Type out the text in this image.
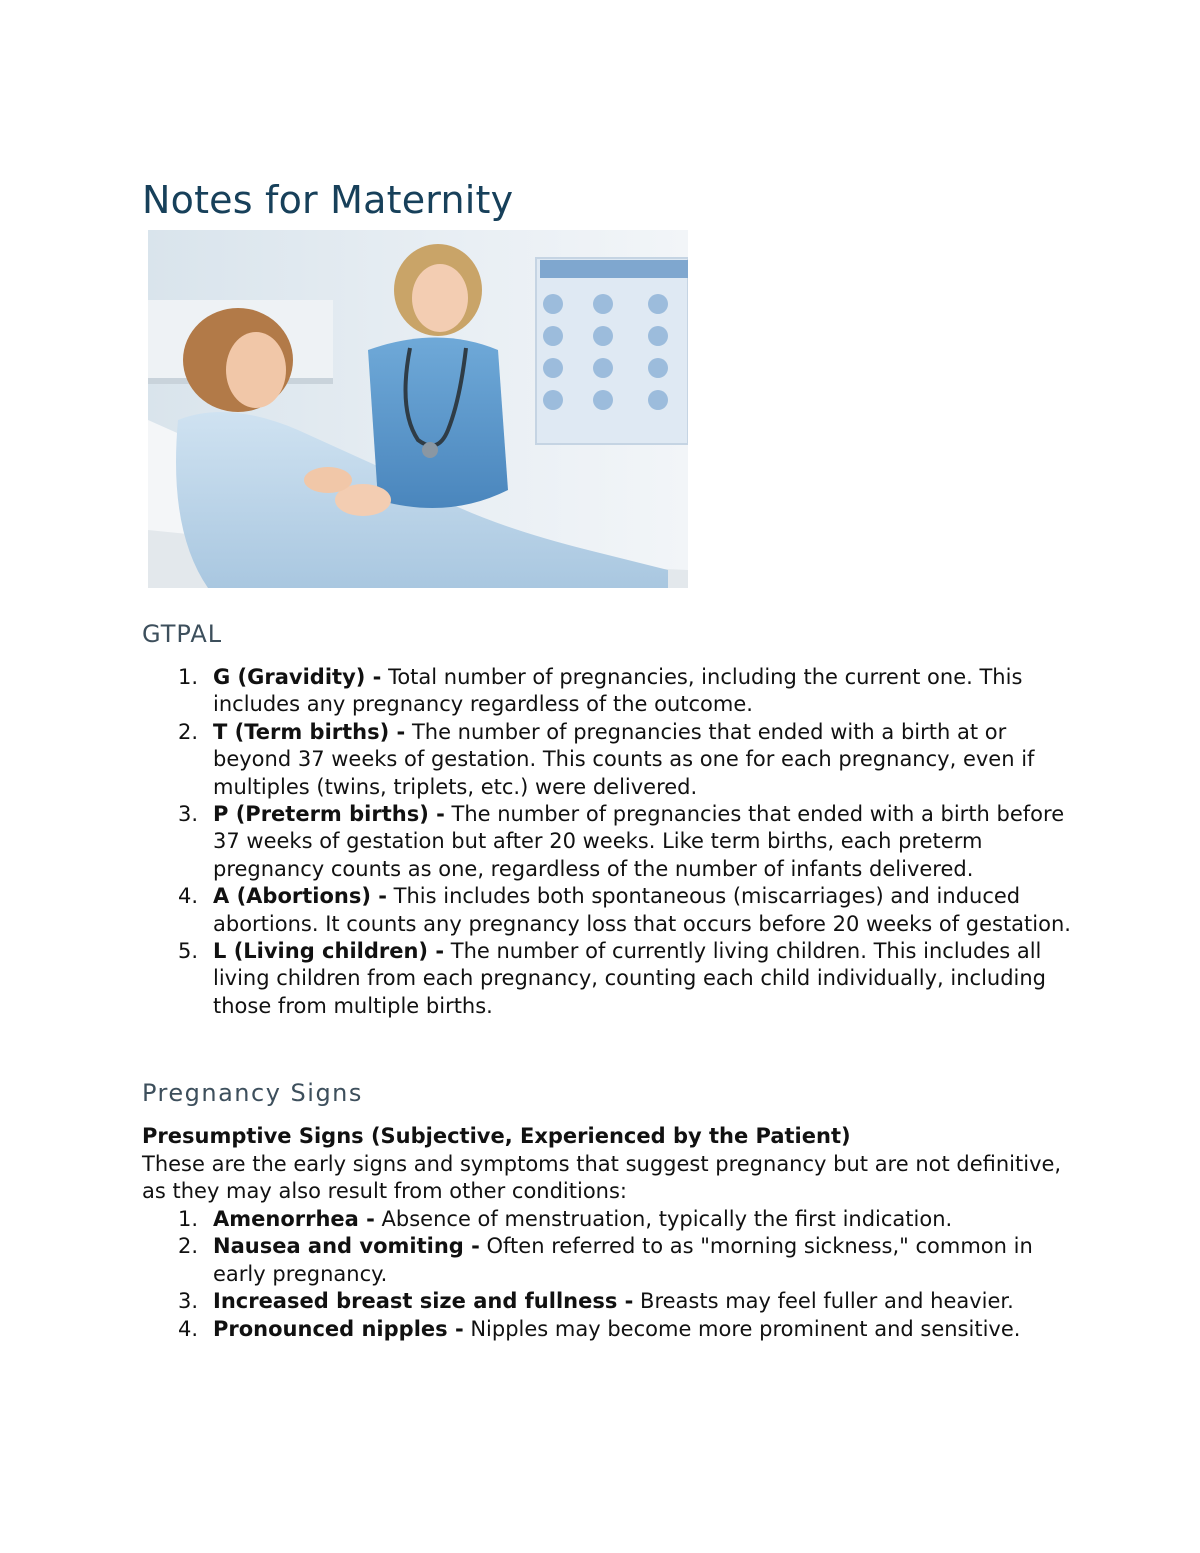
Notes for Maternity
GTPAL
1. G (Gravidity) - Total number of pregnancies, including the current one. This includes any pregnancy regardless of the outcome.
2. T (Term births) - The number of pregnancies that ended with a birth at or beyond 37 weeks of gestation. This counts as one for each pregnancy, even if multiples (twins, triplets, etc.) were delivered.
3. P (Preterm births) - The number of pregnancies that ended with a birth before 37 weeks of gestation but after 20 weeks. Like term births, each preterm pregnancy counts as one, regardless of the number of infants delivered.
4. A (Abortions) - This includes both spontaneous (miscarriages) and induced abortions. It counts any pregnancy loss that occurs before 20 weeks of gestation.
5. L (Living children) - The number of currently living children. This includes all living children from each pregnancy, counting each child individually, including those from multiple births.
Pregnancy Signs

Presumptive Signs (Subjective, Experienced by the Patient)

These are the early signs and symptoms that suggest pregnancy but are not definitive, as they may also result from other conditions:

1. Amenorrhea - Absence of menstruation, typically the first indication.
2. Nausea and vomiting - Often referred to as "morning sickness," common in early pregnancy.
3. Increased breast size and fullness - Breasts may feel fuller and heavier.
4. Pronounced nipples - Nipples may become more prominent and sensitive.
